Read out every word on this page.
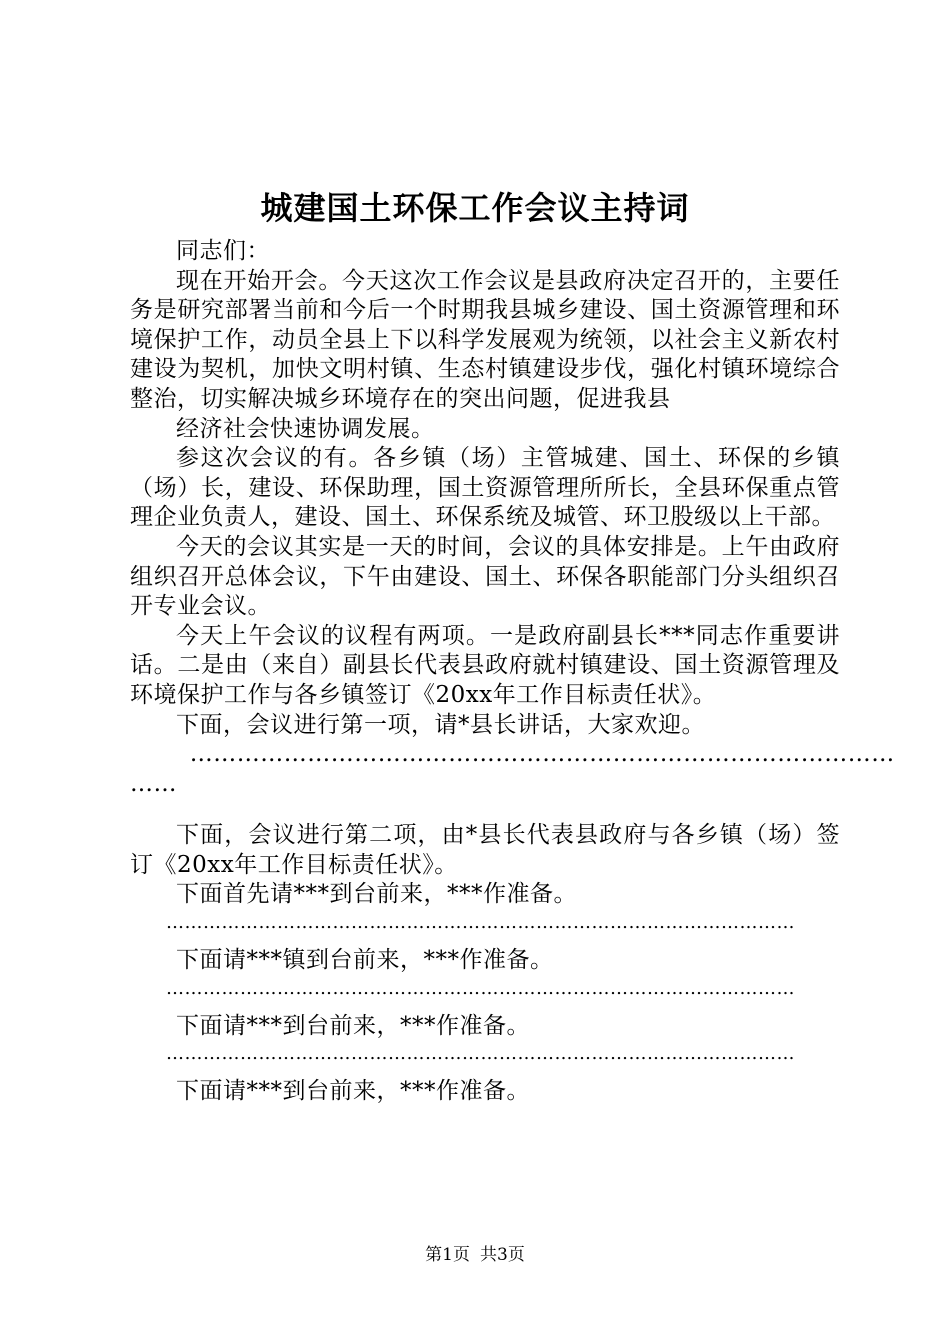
城建国土环保工作会议主持词

同志们：

现在开始开会。今天这次工作会议是县政府决定召开的，主要任务是研究部署当前和今后一个时期我县城乡建设、国土资源管理和环境保护工作，动员全县上下以科学发展观为统领，以社会主义新农村建设为契机，加快文明村镇、生态村镇建设步伐，强化村镇环境综合整治，切实解决城乡环境存在的突出问题，促进我县

经济社会快速协调发展。

参这次会议的有。各乡镇（场）主管城建、国土、环保的乡镇（场）长，建设、环保助理，国土资源管理所所长，全县环保重点管理企业负责人，建设、国土、环保系统及城管、环卫股级以上干部。

今天的会议其实是一天的时间，会议的具体安排是。上午由政府组织召开总体会议，下午由建设、国土、环保各职能部门分头组织召开专业会议。

今天上午会议的议程有两项。一是政府副县长***同志作重要讲话。二是由（来自）副县长代表县政府就村镇建设、国土资源管理及环境保护工作与各乡镇签订《20xx年工作目标责任状》。

下面，会议进行第一项，请*县长讲话，大家欢迎。

………………………………………………………………………………

……

下面，会议进行第二项，由*县长代表县政府与各乡镇（场）签订《20xx年工作目标责任状》。

下面首先请***到台前来，***作准备。

…………………………………………………………………………………………

下面请***镇到台前来，***作准备。

…………………………………………………………………………………………

下面请***到台前来，***作准备。

…………………………………………………………………………………………

下面请***到台前来，***作准备。

第1页 共3页
